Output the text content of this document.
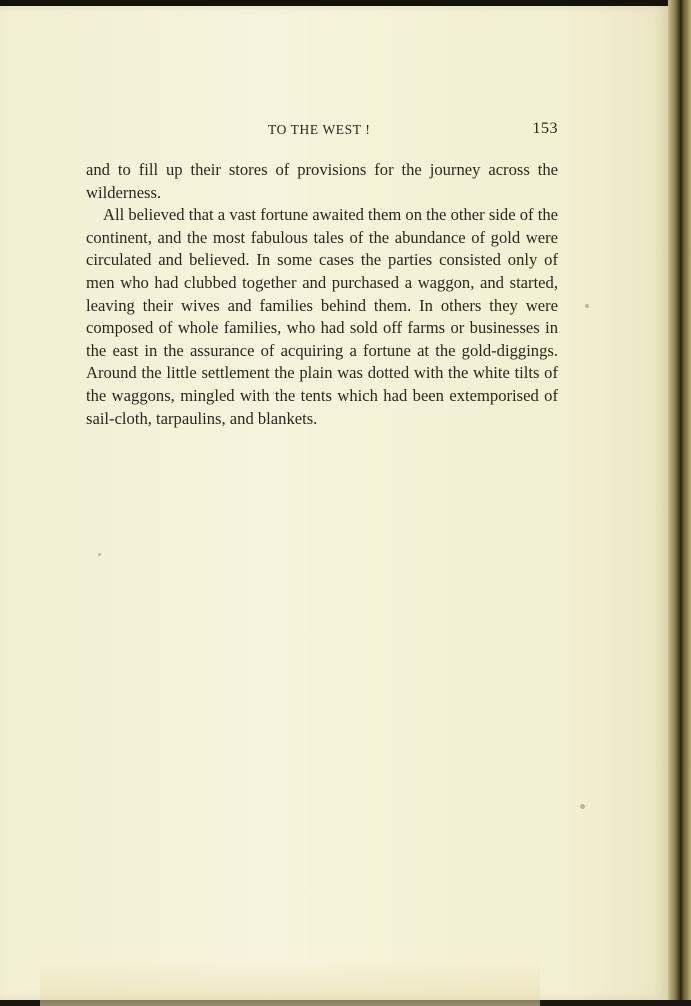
TO THE WEST !	153

and to fill up their stores of provisions for the journey across the wilderness.

All believed that a vast fortune awaited them on the other side of the continent, and the most fabulous tales of the abundance of gold were circulated and believed. In some cases the parties consisted only of men who had clubbed together and purchased a waggon, and started, leaving their wives and families behind them. In others they were composed of whole families, who had sold off farms or businesses in the east in the assurance of acquiring a fortune at the gold-diggings. Around the little settlement the plain was dotted with the white tilts of the waggons, mingled with the tents which had been extemporised of sail-cloth, tarpaulins, and blankets.
